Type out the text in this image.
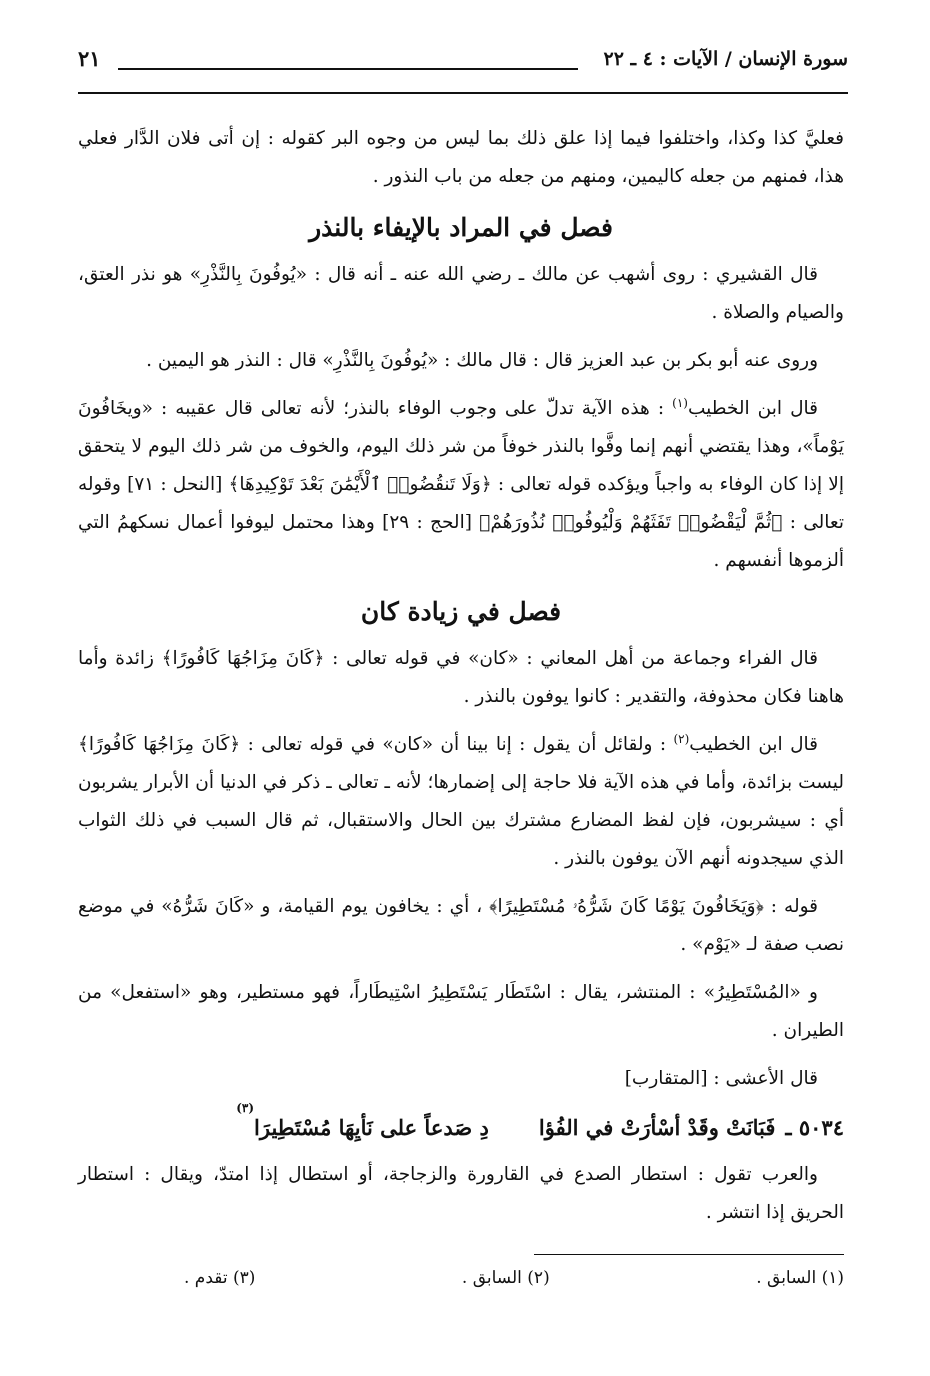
سورة الإنسان / الآيات : ٤ ـ ٢٢
٢١

فعليَّ كذا وكذا، واختلفوا فيما إذا علق ذلك بما ليس من وجوه البر كقوله : إن أتى فلان الدَّار فعلي هذا، فمنهم من جعله كاليمين، ومنهم من جعله من باب النذور .

فصل في المراد بالإيفاء بالنذر

قال القشيري : روى أشهب عن مالك ـ رضي الله عنه ـ أنه قال : «يُوفُونَ بِالنَّذْرِ» هو نذر العتق، والصيام والصلاة .

وروى عنه أبو بكر بن عبد العزيز قال : قال مالك : «يُوفُونَ بِالنَّذْرِ» قال : النذر هو اليمين .

قال ابن الخطيب$^{(١)}$ : هذه الآية تدلّ على وجوب الوفاء بالنذر؛ لأنه تعالى قال عقيبه : «ويخَافُونَ يَوْماً»، وهذا يقتضي أنهم إنما وفَّوا بالنذر خوفاً من شر ذلك اليوم، والخوف من شر ذلك اليوم لا يتحقق إلا إذا كان الوفاء به واجباً ويؤكده قوله تعالى : ﴿وَلَا تَنقُضُوا۟ ٱلْأَيْمَٰنَ بَعْدَ تَوْكِيدِهَا﴾ [النحل : ٧١] وقوله تعالى : ﴿ثُمَّ لْيَقْضُوا۟ تَفَثَهُمْ وَلْيُوفُوا۟ نُذُورَهُمْ﴾ [الحج : ٢٩] وهذا محتمل ليوفوا أعمال نسكهمُ التي ألزموها أنفسهم .

فصل في زيادة كان

قال الفراء وجماعة من أهل المعاني : «كان» في قوله تعالى : ﴿كَانَ مِزَاجُهَا كَافُورًا﴾ زائدة وأما هاهنا فكان محذوفة، والتقدير : كانوا يوفون بالنذر .

قال ابن الخطيب$^{(٢)}$ : ولقائل أن يقول : إنا بينا أن «كان» في قوله تعالى : ﴿كَانَ مِزَاجُهَا كَافُورًا﴾ ليست بزائدة، وأما في هذه الآية فلا حاجة إلى إضمارها؛ لأنه ـ تعالى ـ ذكر في الدنيا أن الأبرار يشربون أي : سيشربون، فإن لفظ المضارع مشترك بين الحال والاستقبال، ثم قال السبب في ذلك الثواب الذي سيجدونه أنهم الآن يوفون بالنذر .

قوله : ﴿وَيَخَافُونَ يَوْمًا كَانَ شَرُّهُۥ مُسْتَطِيرًا﴾ ، أي : يخافون يوم القيامة، و «كَانَ شَرُّهُ» في موضع نصب صفة لـ «يَوْم» .

و «المُسْتَطِيرُ» : المنتشر، يقال : اسْتَطَار يَسْتَطِيرُ اسْتِيطَاراً، فهو مستطير، وهو «استفعل» من الطيران .

قال الأعشى : [المتقارب]

٥٠٣٤ ـ
فَبَانَتْ وقَدْ أسْأرَتْ في الفُؤا
دِ صَدعاً على نَأيِهَا مُسْتَطِيرَا
(٣)

والعرب تقول : استطار الصدع في القارورة والزجاجة، أو استطال إذا امتدّ، ويقال : استطار الحريق إذا انتشر .

(١) السابق .
(٢) السابق .
(٣) تقدم .
